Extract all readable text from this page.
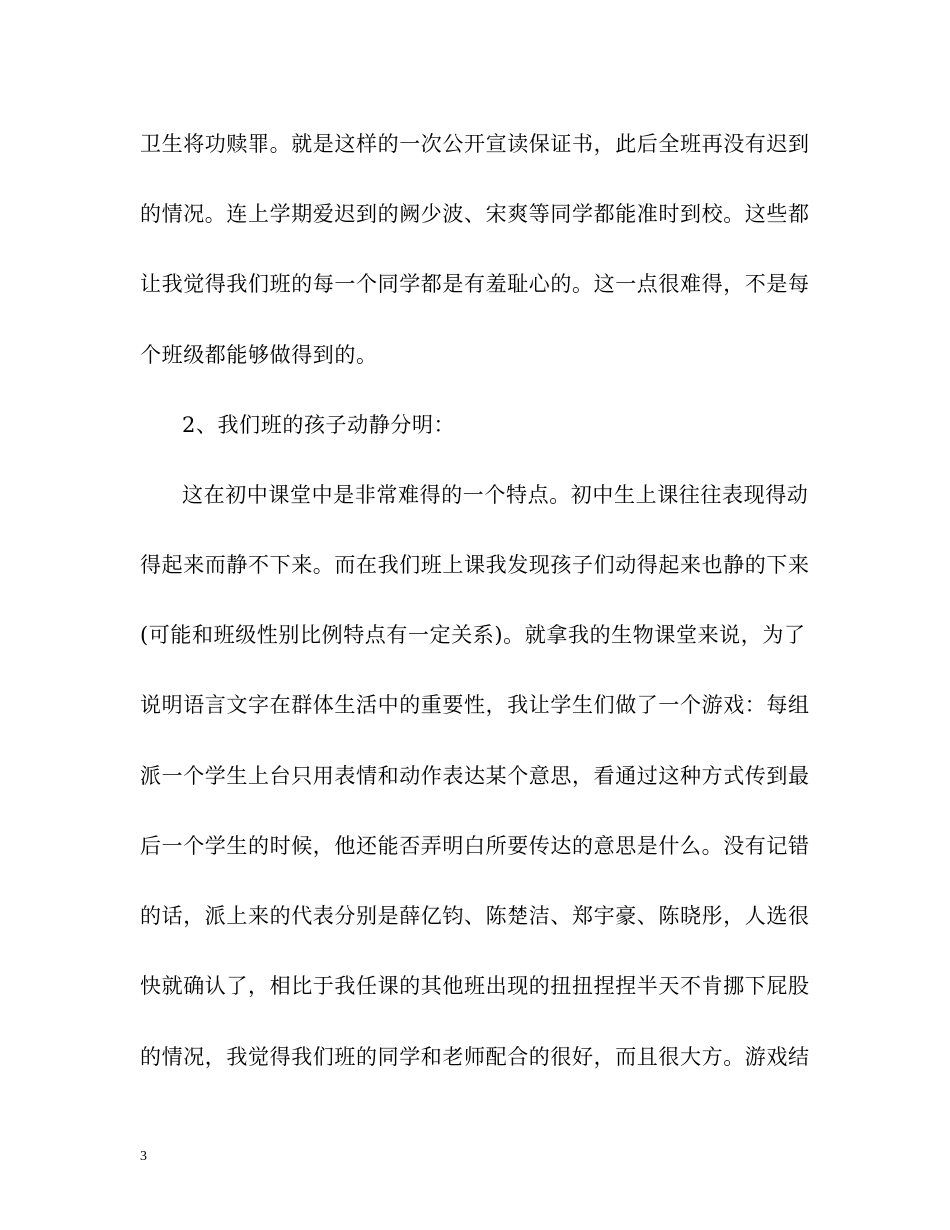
卫生将功赎罪。就是这样的一次公开宣读保证书，此后全班再没有迟到
的情况。连上学期爱迟到的阙少波、宋爽等同学都能准时到校。这些都
让我觉得我们班的每一个同学都是有羞耻心的。这一点很难得，不是每
个班级都能够做得到的。
2、我们班的孩子动静分明：
这在初中课堂中是非常难得的一个特点。初中生上课往往表现得动
得起来而静不下来。而在我们班上课我发现孩子们动得起来也静的下来
(可能和班级性别比例特点有一定关系)。就拿我的生物课堂来说，为了
说明语言文字在群体生活中的重要性，我让学生们做了一个游戏：每组
派一个学生上台只用表情和动作表达某个意思，看通过这种方式传到最
后一个学生的时候，他还能否弄明白所要传达的意思是什么。没有记错
的话，派上来的代表分别是薛亿钧、陈楚洁、郑宇豪、陈晓彤，人选很
快就确认了，相比于我任课的其他班出现的扭扭捏捏半天不肯挪下屁股
的情况，我觉得我们班的同学和老师配合的很好，而且很大方。游戏结
3
